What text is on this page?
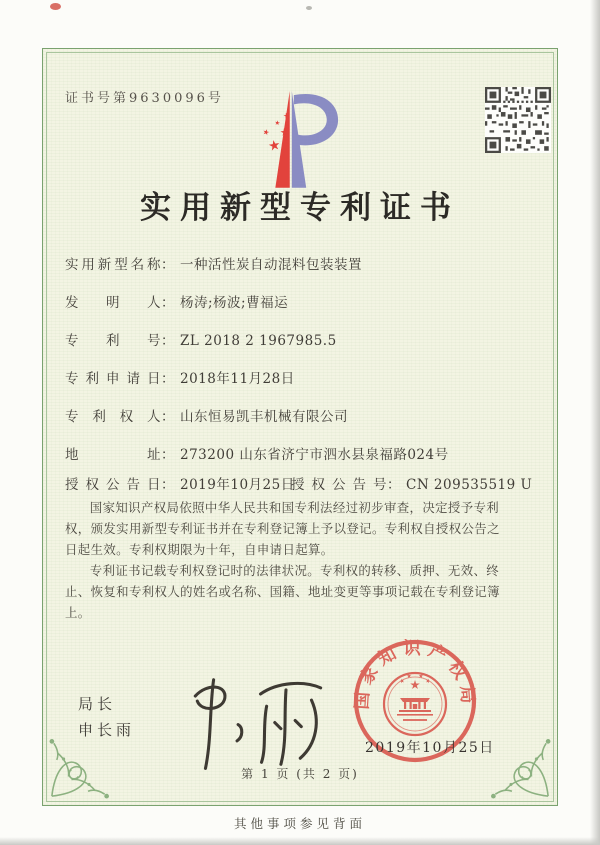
证书号第9630096号
实用新型专利证书
实用新型名称 ： 一种活性炭自动混料包装装置
发明人 ： 杨涛;杨波;曹福运
专利号 ： ZL 2018 2 1967985.5
专利申请日 ： 2018年11月28日
专利权人 ： 山东恒易凯丰机械有限公司
地址 ： 273200 山东省济宁市泗水县泉福路024号
授权公告日 ： 2019年10月25日
授权公告号 ： CN 209535519 U

国家知识产权局依照中华人民共和国专利法经过初步审查，决定授予专利权，颁发实用新型专利证书并在专利登记簿上予以登记。专利权自授权公告之日起生效。专利权期限为十年，自申请日起算。

专利证书记载专利权登记时的法律状况。专利权的转移、质押、无效、终止、恢复和专利权人的姓名或名称、国籍、地址变更等事项记载在专利登记簿上。

局长
申长雨
2019年10月25日
国家知识产权局
第 1 页 (共 2 页)
其他事项参见背面
